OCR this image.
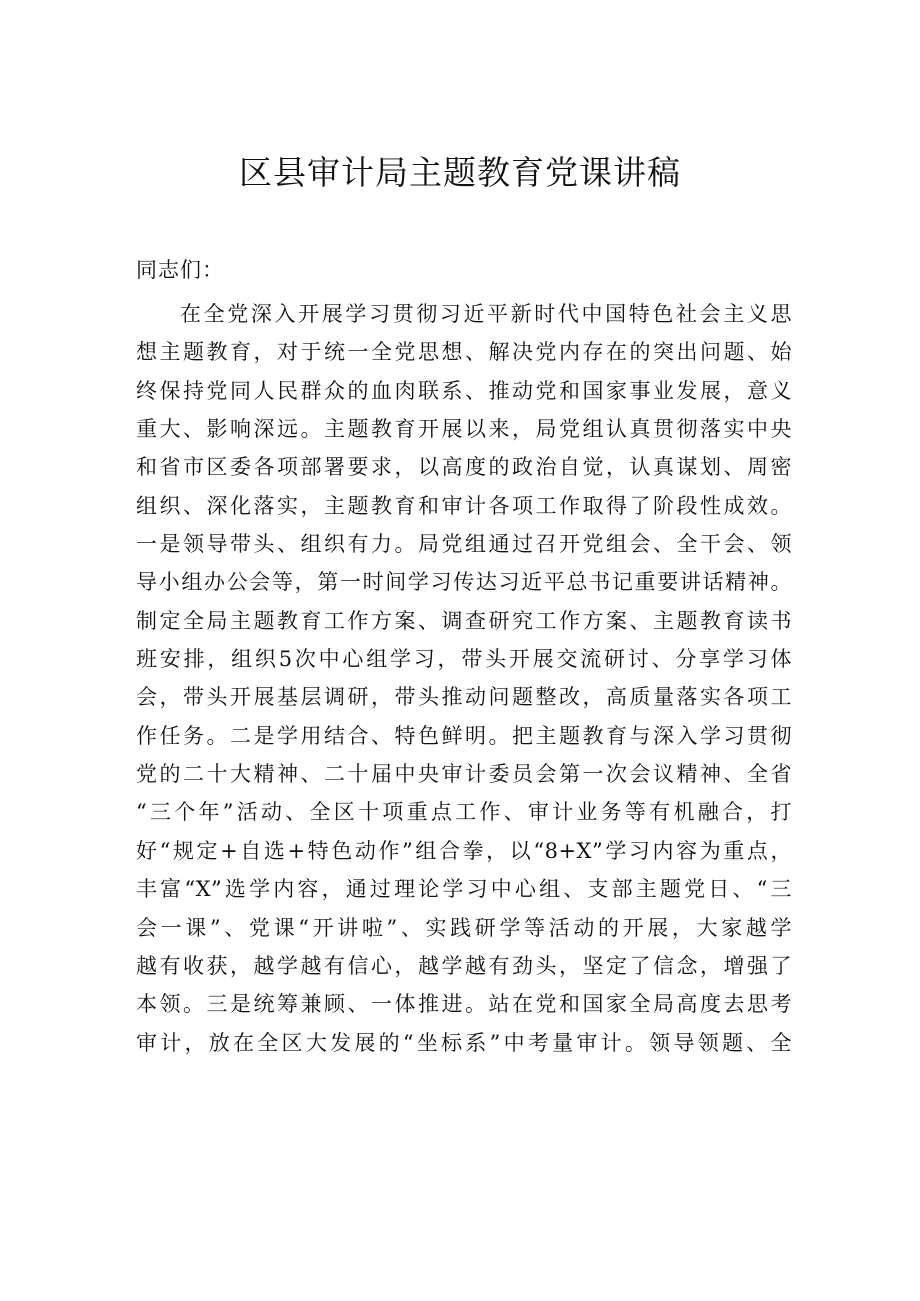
区县审计局主题教育党课讲稿

同志们：

在全党深入开展学习贯彻习近平新时代中国特色社会主义思
想主题教育，对于统一全党思想、解决党内存在的突出问题、始
终保持党同人民群众的血肉联系、推动党和国家事业发展，意义
重大、影响深远。主题教育开展以来，局党组认真贯彻落实中央
和省市区委各项部署要求，以高度的政治自觉，认真谋划、周密
组织、深化落实，主题教育和审计各项工作取得了阶段性成效。
一是领导带头、组织有力。局党组通过召开党组会、全干会、领
导小组办公会等，第一时间学习传达习近平总书记重要讲话精神。
制定全局主题教育工作方案、调查研究工作方案、主题教育读书
班安排，组织5次中心组学习，带头开展交流研讨、分享学习体
会，带头开展基层调研，带头推动问题整改，高质量落实各项工
作任务。二是学用结合、特色鲜明。把主题教育与深入学习贯彻
党的二十大精神、二十届中央审计委员会第一次会议精神、全省
“三个年”活动、全区十项重点工作、审计业务等有机融合，打
好“规定+自选+特色动作”组合拳，以“8+X”学习内容为重点，
丰富“X”选学内容，通过理论学习中心组、支部主题党日、“三
会一课”、党课“开讲啦”、实践研学等活动的开展，大家越学
越有收获，越学越有信心，越学越有劲头，坚定了信念，增强了
本领。三是统筹兼顾、一体推进。站在党和国家全局高度去思考
审计，放在全区大发展的“坐标系”中考量审计。领导领题、全
